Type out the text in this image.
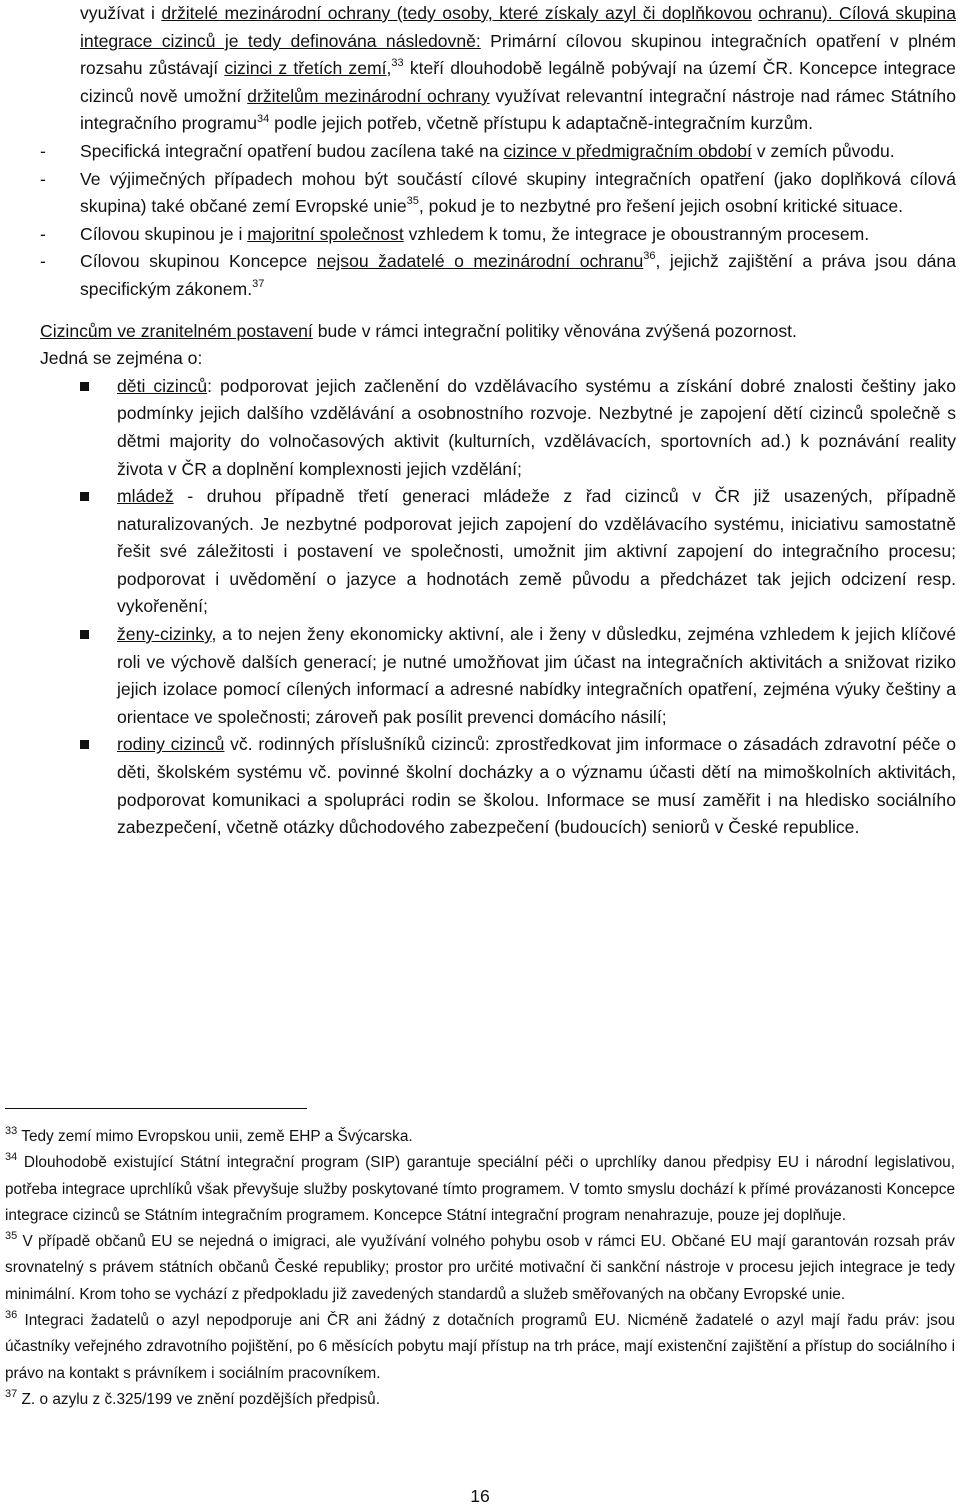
využívat i držitelé mezinárodní ochrany (tedy osoby, které získaly azyl či doplňkovou ochranu). Cílová skupina integrace cizinců je tedy definována následovně: Primární cílovou skupinou integračních opatření v plném rozsahu zůstávají cizinci z třetích zemí,$^{33}$ kteří dlouhodobě legálně pobývají na území ČR. Koncepce integrace cizinců nově umožní držitelům mezinárodní ochrany využívat relevantní integrační nástroje nad rámec Státního integračního programu$^{34}$ podle jejich potřeb, včetně přístupu k adaptačně-integračním kurzům.

- Specifická integrační opatření budou zacílena také na cizince v předmigračním období v zemích původu.
- Ve výjimečných případech mohou být součástí cílové skupiny integračních opatření (jako doplňková cílová skupina) také občané zemí Evropské unie$^{35}$, pokud je to nezbytné pro řešení jejich osobní kritické situace.
- Cílovou skupinou je i majoritní společnost vzhledem k tomu, že integrace je oboustranným procesem.
- Cílovou skupinou Koncepce nejsou žadatelé o mezinárodní ochranu$^{36}$, jejichž zajištění a práva jsou dána specifickým zákonem.$^{37}$

Cizincům ve zranitelném postavení bude v rámci integrační politiky věnována zvýšená pozornost.

Jedná se zejména o:

děti cizinců: podporovat jejich začlenění do vzdělávacího systému a získání dobré znalosti češtiny jako podmínky jejich dalšího vzdělávání a osobnostního rozvoje. Nezbytné je zapojení dětí cizinců společně s dětmi majority do volnočasových aktivit (kulturních, vzdělávacích, sportovních ad.) k poznávání reality života v ČR a doplnění komplexnosti jejich vzdělání;
mládež - druhou případně třetí generaci mládeže z řad cizinců v ČR již usazených, případně naturalizovaných. Je nezbytné podporovat jejich zapojení do vzdělávacího systému, iniciativu samostatně řešit své záležitosti i postavení ve společnosti, umožnit jim aktivní zapojení do integračního procesu; podporovat i uvědomění o jazyce a hodnotách země původu a předcházet tak jejich odcizení resp. vykořenění;
ženy-cizinky, a to nejen ženy ekonomicky aktivní, ale i ženy v důsledku, zejména vzhledem k jejich klíčové roli ve výchově dalších generací; je nutné umožňovat jim účast na integračních aktivitách a snižovat riziko jejich izolace pomocí cílených informací a adresné nabídky integračních opatření, zejména výuky češtiny a orientace ve společnosti; zároveň pak posílit prevenci domácího násilí;
rodiny cizinců vč. rodinných příslušníků cizinců: zprostředkovat jim informace o zásadách zdravotní péče o děti, školském systému vč. povinné školní docházky a o významu účasti dětí na mimoškolních aktivitách, podporovat komunikaci a spolupráci rodin se školou. Informace se musí zaměřit i na hledisko sociálního zabezpečení, včetně otázky důchodového zabezpečení (budoucích) seniorů v České republice.

$^{33}$ Tedy zemí mimo Evropskou unii, země EHP a Švýcarska.

$^{34}$ Dlouhodobě existující Státní integrační program (SIP) garantuje speciální péči o uprchlíky danou předpisy EU i národní legislativou, potřeba integrace uprchlíků však převyšuje služby poskytované tímto programem. V tomto smyslu dochází k přímé provázanosti Koncepce integrace cizinců se Státním integračním programem. Koncepce Státní integrační program nenahrazuje, pouze jej doplňuje.

$^{35}$ V případě občanů EU se nejedná o imigraci, ale využívání volného pohybu osob v rámci EU. Občané EU mají garantován rozsah práv srovnatelný s právem státních občanů České republiky; prostor pro určité motivační či sankční nástroje v procesu jejich integrace je tedy minimální. Krom toho se vychází z předpokladu již zavedených standardů a služeb směřovaných na občany Evropské unie.

$^{36}$ Integraci žadatelů o azyl nepodporuje ani ČR ani žádný z dotačních programů EU. Nicméně žadatelé o azyl mají řadu práv: jsou účastníky veřejného zdravotního pojištění, po 6 měsících pobytu mají přístup na trh práce, mají existenční zajištění a přístup do sociálního i právo na kontakt s právníkem i sociálním pracovníkem.

$^{37}$ Z. o azylu z č.325/199 ve znění pozdějších předpisů.

16
